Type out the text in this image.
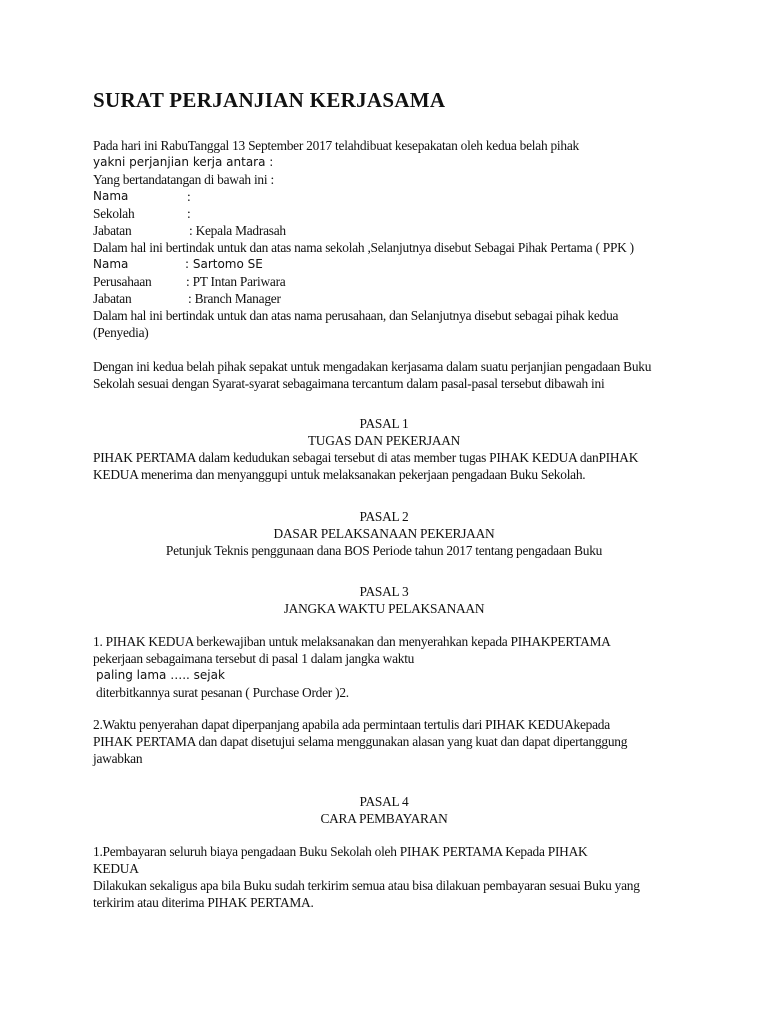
SURAT PERJANJIAN KERJASAMA
Pada hari ini RabuTanggal 13 September 2017 telahdibuat kesepakatan oleh kedua belah pihak
yakni perjanjian kerja antara :
Yang bertandatangan di bawah ini :
Nama	:
Sekolah	:
Jabatan	: Kepala Madrasah
Dalam hal ini bertindak untuk dan atas nama sekolah ,Selanjutnya disebut Sebagai Pihak Pertama ( PPK )
Nama	: Sartomo SE
Perusahaan	: PT Intan Pariwara
Jabatan	: Branch Manager
Dalam hal ini bertindak untuk dan atas nama perusahaan, dan Selanjutnya disebut sebagai pihak kedua
(Penyedia)
Dengan ini kedua belah pihak sepakat untuk mengadakan kerjasama dalam suatu perjanjian pengadaan Buku
Sekolah sesuai dengan Syarat-syarat sebagaimana tercantum dalam pasal-pasal tersebut dibawah ini
PASAL 1
TUGAS DAN PEKERJAAN
PIHAK PERTAMA dalam kedudukan sebagai tersebut di atas member tugas PIHAK KEDUA danPIHAK
KEDUA menerima dan menyanggupi untuk melaksanakan pekerjaan pengadaan Buku Sekolah.
PASAL 2
DASAR PELAKSANAAN PEKERJAAN
Petunjuk Teknis penggunaan dana BOS Periode tahun 2017 tentang pengadaan Buku
PASAL 3
JANGKA WAKTU PELAKSANAAN
1. PIHAK KEDUA berkewajiban untuk melaksanakan dan menyerahkan kepada PIHAKPERTAMA
pekerjaan sebagaimana tersebut di pasal 1 dalam jangka waktu
paling lama ….. sejak
diterbitkannya surat pesanan ( Purchase Order )2.
2.Waktu penyerahan dapat diperpanjang apabila ada permintaan tertulis dari PIHAK KEDUAkepada
PIHAK PERTAMA dan dapat disetujui selama menggunakan alasan yang kuat dan dapat dipertanggung
jawabkan
PASAL 4
CARA PEMBAYARAN
1.Pembayaran seluruh biaya pengadaan Buku Sekolah oleh PIHAK PERTAMA Kepada PIHAK
KEDUA
Dilakukan sekaligus apa bila Buku sudah terkirim semua atau bisa dilakuan pembayaran sesuai Buku yang
terkirim atau diterima PIHAK PERTAMA.
